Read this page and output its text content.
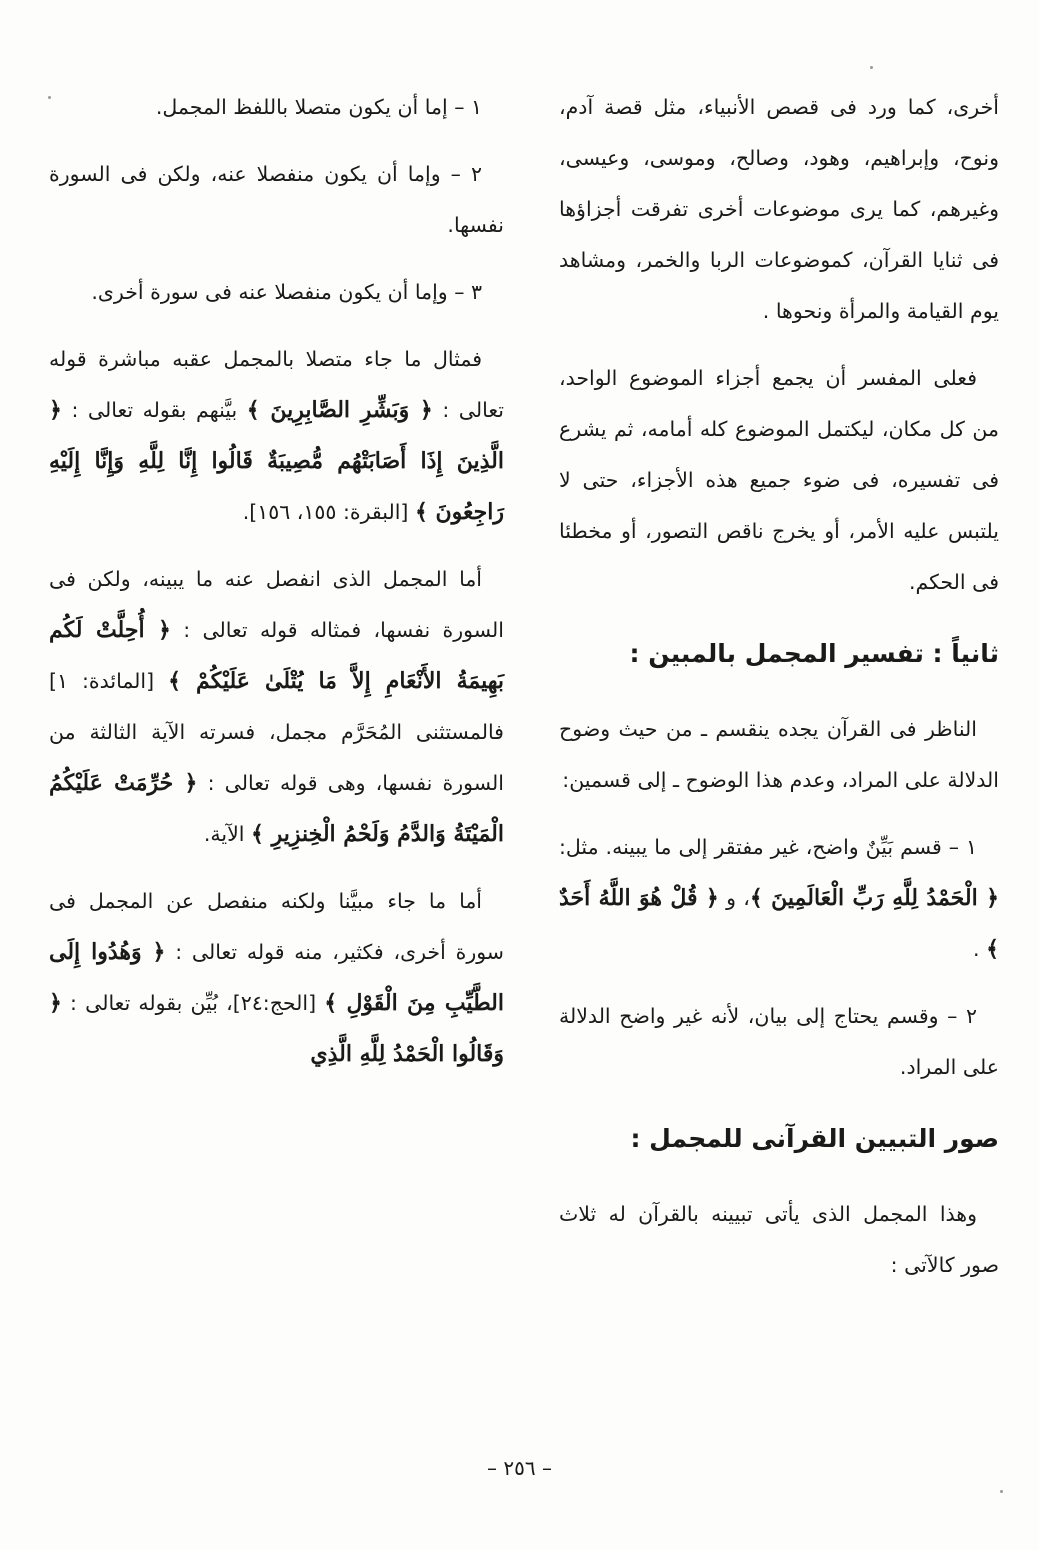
أخرى، كما ورد فى قصص الأنبياء، مثل قصة آدم، ونوح، وإبراهيم، وهود، وصالح، وموسى، وعيسى، وغيرهم، كما يرى موضوعات أخرى تفرقت أجزاؤها فى ثنايا القرآن، كموضوعات الربا والخمر، ومشاهد يوم القيامة والمرأة ونحوها .

فعلى المفسر أن يجمع أجزاء الموضوع الواحد، من كل مكان، ليكتمل الموضوع كله أمامه، ثم يشرع فى تفسيره، فى ضوء جميع هذه الأجزاء، حتى لا يلتبس عليه الأمر، أو يخرج ناقص التصور، أو مخطئا فى الحكم.

ثانياً : تفسير المجمل بالمبين :

الناظر فى القرآن يجده ينقسم ـ من حيث وضوح الدلالة على المراد، وعدم هذا الوضوح ـ إلى قسمين:

١ – قسم بَيِّنٌ واضح، غير مفتقر إلى ما يبينه. مثل: ﴿ الْحَمْدُ لِلَّهِ رَبِّ الْعَالَمِينَ ﴾، و ﴿ قُلْ هُوَ اللَّهُ أَحَدٌ ﴾ .

٢ – وقسم يحتاج إلى بيان، لأنه غير واضح الدلالة على المراد.

صور التبيين القرآنى للمجمل :

وهذا المجمل الذى يأتى تبيينه بالقرآن له ثلاث صور كالآتى :

١ – إما أن يكون متصلا باللفظ المجمل.

٢ – وإما أن يكون منفصلا عنه، ولكن فى السورة نفسها.

٣ – وإما أن يكون منفصلا عنه فى سورة أخرى.

فمثال ما جاء متصلا بالمجمل عقبه مباشرة قوله تعالى : ﴿ وَبَشِّرِ الصَّابِرِينَ ﴾ بيَّنهم بقوله تعالى : ﴿ الَّذِينَ إِذَا أَصَابَتْهُم مُّصِيبَةٌ قَالُوا إِنَّا لِلَّهِ وَإِنَّا إِلَيْهِ رَاجِعُونَ ﴾ [البقرة: ١٥٥، ١٥٦].

أما المجمل الذى انفصل عنه ما يبينه، ولكن فى السورة نفسها، فمثاله قوله تعالى : ﴿ أُحِلَّتْ لَكُم بَهِيمَةُ الأَنْعَامِ إِلاَّ مَا يُتْلَىٰ عَلَيْكُمْ ﴾ [المائدة: ١] فالمستثنى المُحَرَّم مجمل، فسرته الآية الثالثة من السورة نفسها، وهى قوله تعالى : ﴿ حُرِّمَتْ عَلَيْكُمُ الْمَيْتَةُ وَالدَّمُ وَلَحْمُ الْخِنزِيرِ ﴾ الآية.

أما ما جاء مبيَّنا ولكنه منفصل عن المجمل فى سورة أخرى، فكثير، منه قوله تعالى : ﴿ وَهُدُوا إِلَى الطَّيِّبِ مِنَ الْقَوْلِ ﴾ [الحج:٢٤]، بُيِّن بقوله تعالى : ﴿ وَقَالُوا الْحَمْدُ لِلَّهِ الَّذِي

– ٢٥٦ –
